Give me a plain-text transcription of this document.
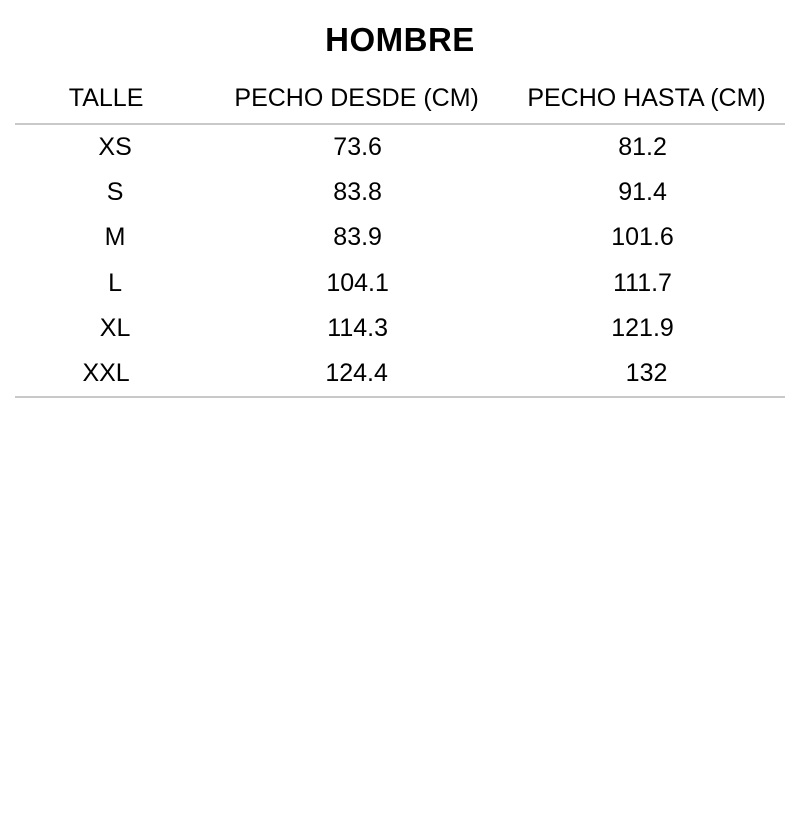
HOMBRE
TALLE	PECHO DESDE (CM)	PECHO HASTA (CM)
XS	73.6	81.2
S	83.8	91.4
M	83.9	101.6
L	104.1	111.7
XL	114.3	121.9
XXL	124.4	132
